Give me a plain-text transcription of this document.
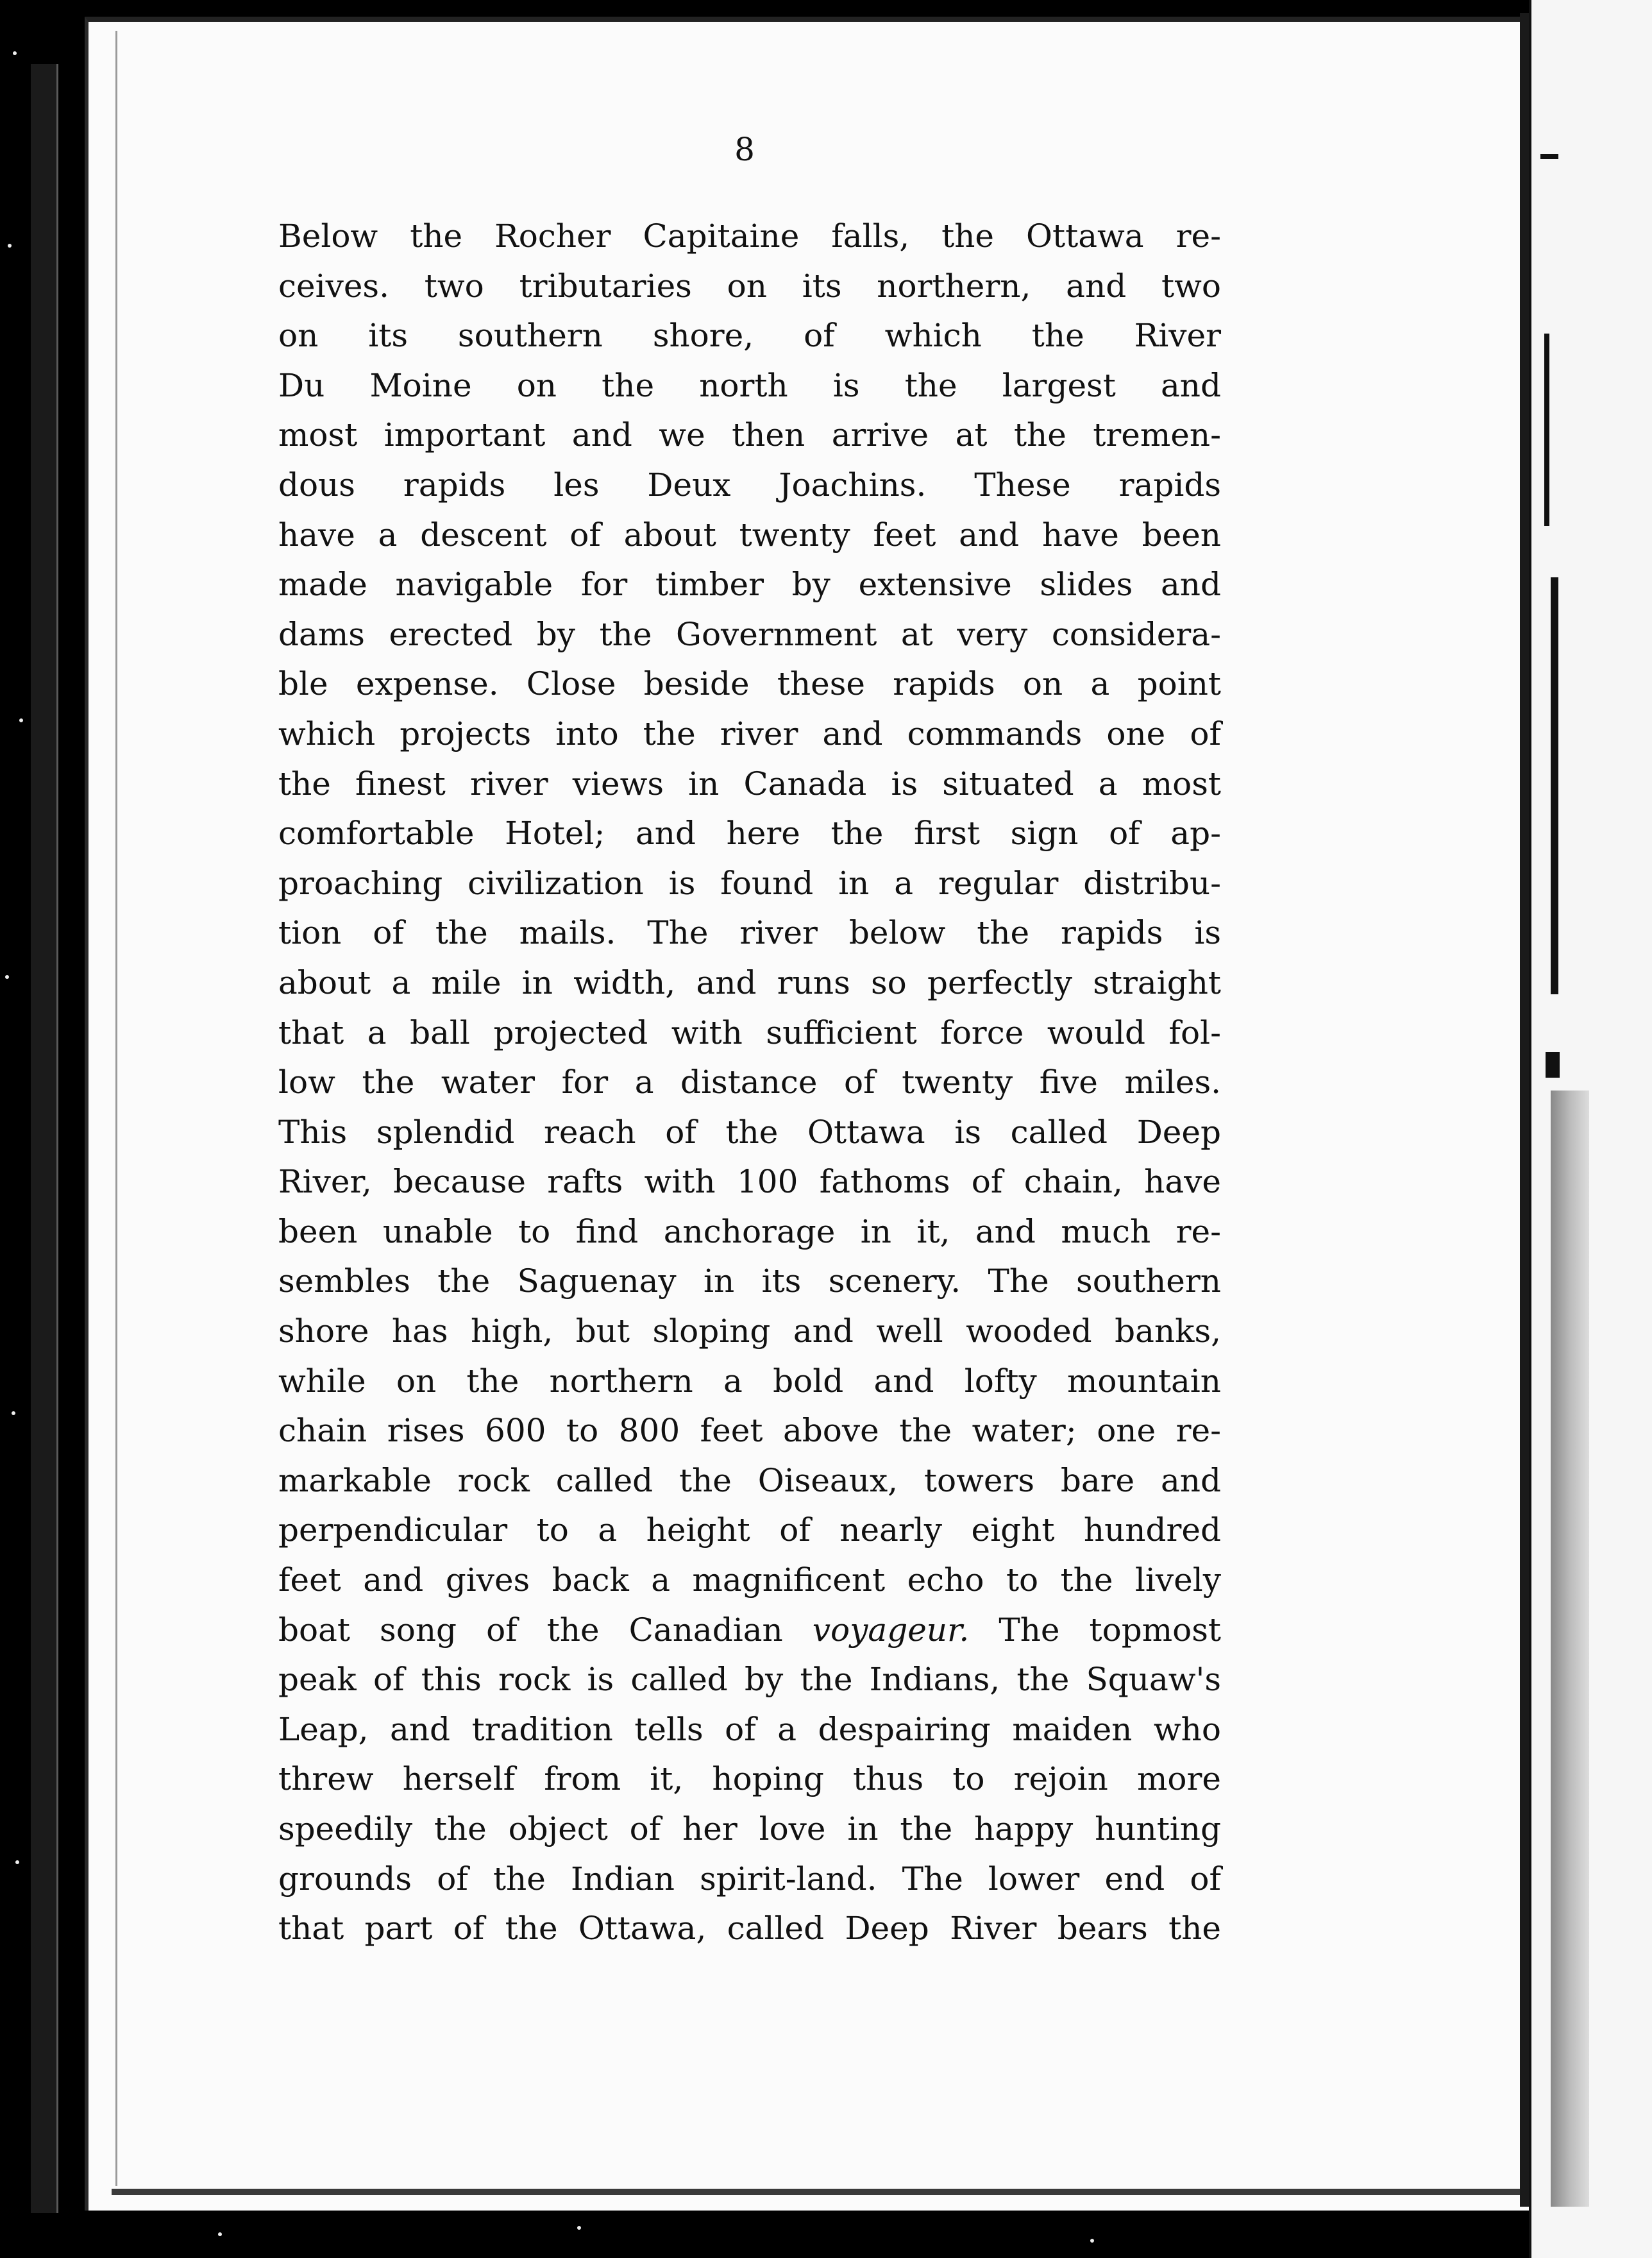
8
Below the Rocher Capitaine falls, the Ottawa re-
ceives. two tributaries on its northern, and two
on its southern shore, of which the River
Du Moine on the north is the largest and
most important and we then arrive at the tremen-
dous rapids les Deux Joachins. These rapids
have a descent of about twenty feet and have been
made navigable for timber by extensive slides and
dams erected by the Government at very considera-
ble expense. Close beside these rapids on a point
which projects into the river and commands one of
the finest river views in Canada is situated a most
comfortable Hotel; and here the first sign of ap-
proaching civilization is found in a regular distribu-
tion of the mails. The river below the rapids is
about a mile in width, and runs so perfectly straight
that a ball projected with sufficient force would fol-
low the water for a distance of twenty five miles.
This splendid reach of the Ottawa is called Deep
River, because rafts with 100 fathoms of chain, have
been unable to find anchorage in it, and much re-
sembles the Saguenay in its scenery. The southern
shore has high, but sloping and well wooded banks,
while on the northern a bold and lofty mountain
chain rises 600 to 800 feet above the water; one re-
markable rock called the Oiseaux, towers bare and
perpendicular to a height of nearly eight hundred
feet and gives back a magnificent echo to the lively
boat song of the Canadian voyageur. The topmost
peak of this rock is called by the Indians, the Squaw's
Leap, and tradition tells of a despairing maiden who
threw herself from it, hoping thus to rejoin more
speedily the object of her love in the happy hunting
grounds of the Indian spirit-land. The lower end of
that part of the Ottawa, called Deep River bears the
